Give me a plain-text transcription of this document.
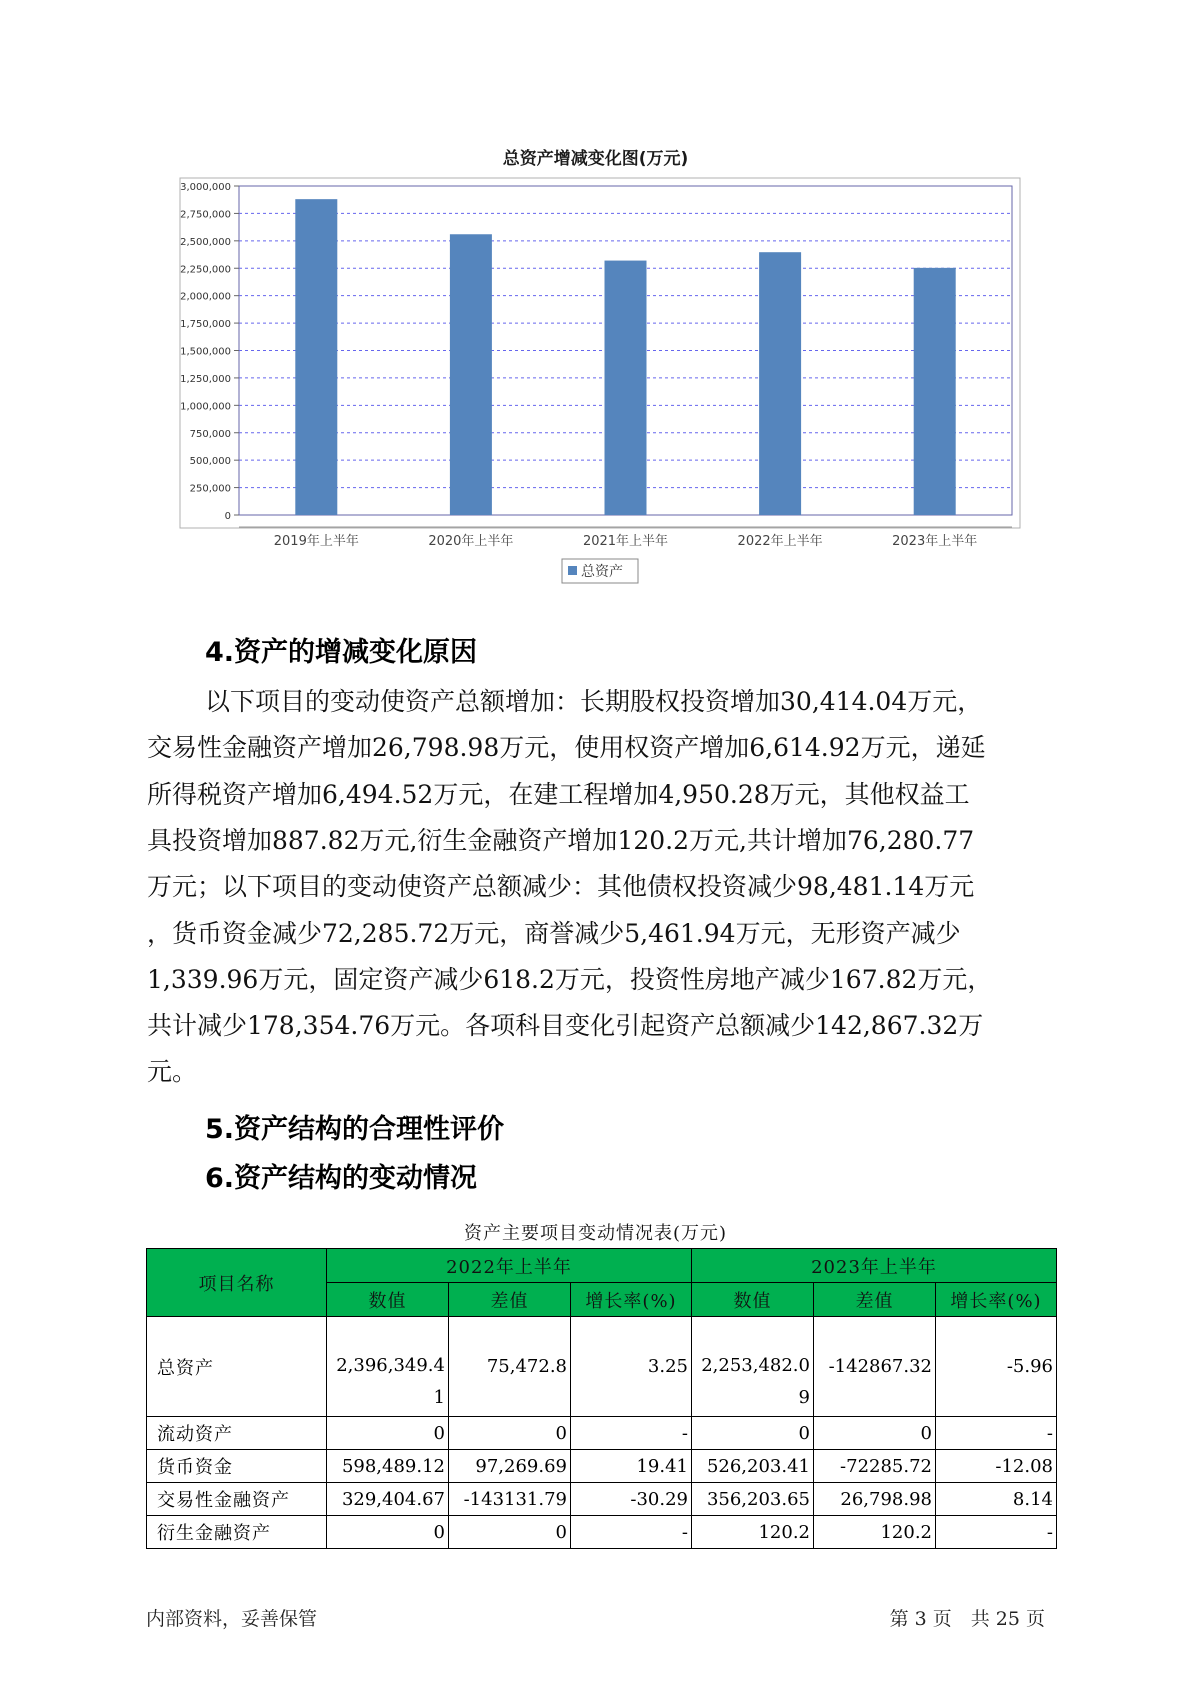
总资产增减变化图(万元)
0
250,000
500,000
750,000
1,000,000
1,250,000
1,500,000
1,750,000
2,000,000
2,250,000
2,500,000
2,750,000
3,000,000
2019年上半年	2020年上半年	2021年上半年	2022年上半年	2023年上半年
总资产
4.资产的增减变化原因
以下项目的变动使资产总额增加：长期股权投资增加30,414.04万元，
交易性金融资产增加26,798.98万元，使用权资产增加6,614.92万元，递延
所得税资产增加6,494.52万元，在建工程增加4,950.28万元，其他权益工
具投资增加887.82万元,衍生金融资产增加120.2万元,共计增加76,280.77
万元；以下项目的变动使资产总额减少：其他债权投资减少98,481.14万元
，货币资金减少72,285.72万元，商誉减少5,461.94万元，无形资产减少
1,339.96万元，固定资产减少618.2万元，投资性房地产减少167.82万元，
共计减少178,354.76万元。各项科目变化引起资产总额减少142,867.32万
元。
5.资产结构的合理性评价
6.资产结构的变动情况
资产主要项目变动情况表(万元)
项目名称	2022年上半年			2023年上半年		
	数值	差值	增长率(%)	数值	差值	增长率(%)
总资产	2,396,349.41	75,472.8	3.25	2,253,482.09	-142867.32	-5.96
流动资产	0	0	-	0	0	-
货币资金	598,489.12	97,269.69	19.41	526,203.41	-72285.72	-12.08
交易性金融资产	329,404.67	-143131.79	-30.29	356,203.65	26,798.98	8.14
衍生金融资产	0	0	-	120.2	120.2	-
内部资料，妥善保管	第 3 页　共 25 页
